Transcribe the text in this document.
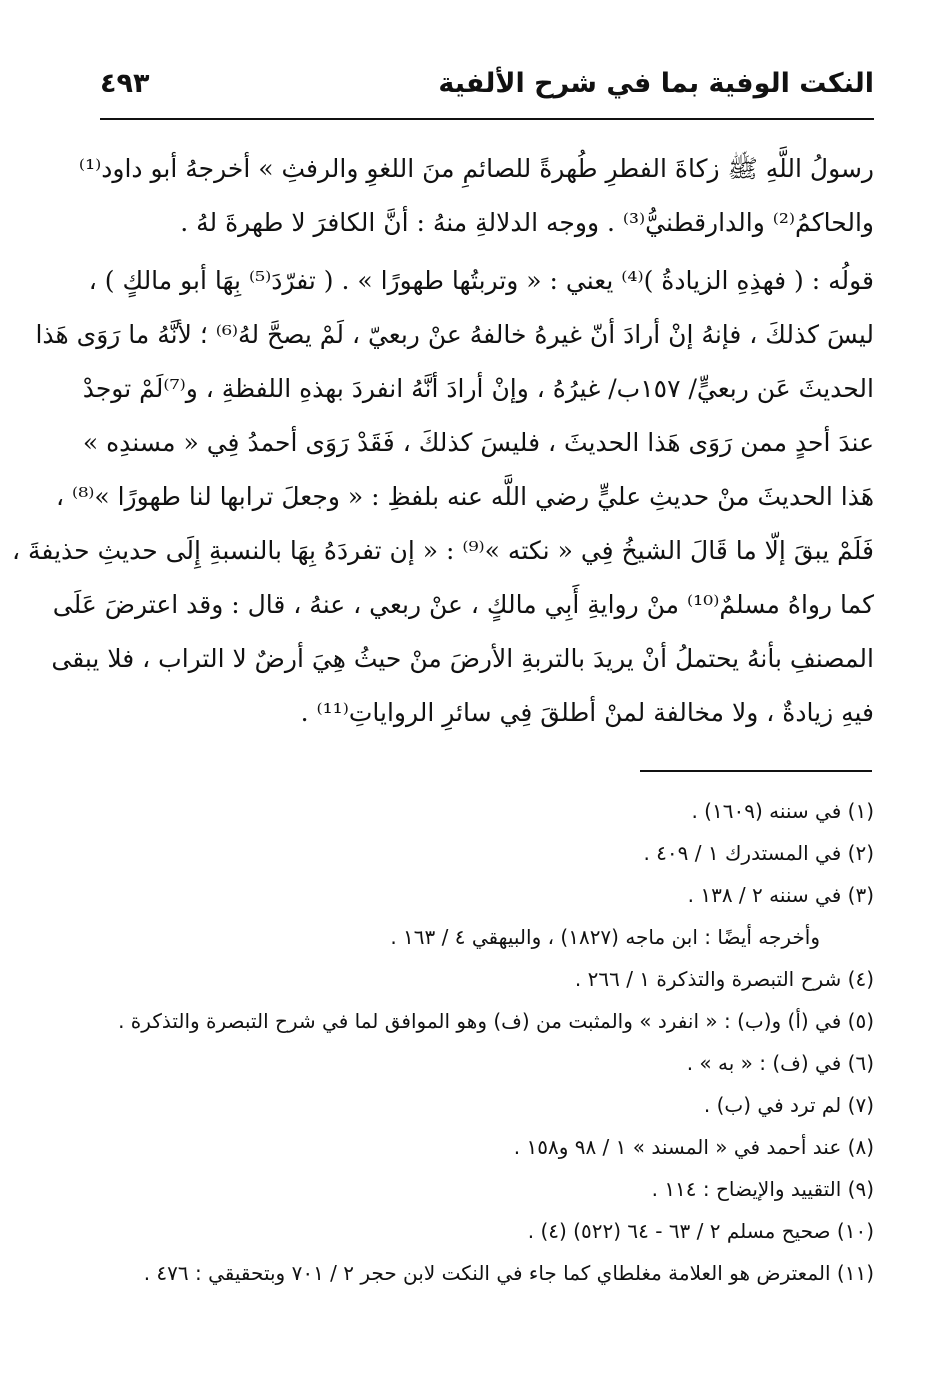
النكت الوفية بما في شرح الألفية
٤٩٣
رسولُ اللَّهِ ﷺ زكاةَ الفطرِ طُهرةً للصائمِ منَ اللغوِ والرفثِ » أخرجهُ أبو داود⁽¹⁾
والحاكمُ⁽²⁾ والدارقطنيُّ⁽³⁾ . ووجه الدلالةِ منهُ : أنَّ الكافرَ لا طهرةَ لهُ .
قولُه : ( فهذِهِ الزيادةُ )⁽⁴⁾ يعني : « وتربتُها طهورًا » . ( تفرّدَ⁽⁵⁾ بِهَا أبو مالكٍ ) ،
ليسَ كذلكَ ، فإنهُ إنْ أرادَ أنّ غيرهُ خالفهُ عنْ ربعيّ ، لَمْ يصحَّ لهُ⁽⁶⁾ ؛ لأنَّهُ ما رَوَى هَذا
الحديثَ عَن ربعيٍّ/ ١٥٧ب/ غيرُهُ ، وإنْ أرادَ أنَّهُ انفردَ بهذهِ اللفظةِ ، و⁽⁷⁾لَمْ توجدْ
عندَ أحدٍ ممن رَوَى هَذا الحديثَ ، فليسَ كذلكَ ، فَقَدْ رَوَى أحمدُ فِي « مسندِه »
هَذا الحديثَ منْ حديثِ عليٍّ رضي اللَّه عنه بلفظِ : « وجعلَ ترابها لنا طهورًا »⁽⁸⁾ ،
فَلَمْ يبقَ إلّا ما قَالَ الشيخُ فِي « نكته »⁽⁹⁾ : « إن تفردَهُ بِهَا بالنسبةِ إِلَى حديثِ حذيفةَ ،
كما رواهُ مسلمٌ⁽¹⁰⁾ منْ روايةِ أَبِي مالكٍ ، عنْ ربعي ، عنهُ ، قال : وقد اعترضَ عَلَى
المصنفِ بأنهُ يحتملُ أنْ يريدَ بالتربةِ الأرضَ منْ حيثُ هِيَ أرضٌ لا التراب ، فلا يبقى
فيهِ زيادةٌ ، ولا مخالفة لمنْ أطلقَ فِي سائرِ الرواياتِ⁽¹¹⁾ .
(١) في سننه (١٦٠٩) .
(٢) في المستدرك ١ / ٤٠٩ .
(٣) في سننه ٢ / ١٣٨ .
وأخرجه أيضًا : ابن ماجه (١٨٢٧) ، والبيهقي ٤ / ١٦٣ .
(٤) شرح التبصرة والتذكرة ١ / ٢٦٦ .
(٥) في (أ) و(ب) : « انفرد » والمثبت من (ف) وهو الموافق لما في شرح التبصرة والتذكرة .
(٦) في (ف) : « به » .
(٧) لم ترد في (ب) .
(٨) عند أحمد في « المسند » ١ / ٩٨ و١٥٨ .
(٩) التقييد والإيضاح : ١١٤ .
(١٠) صحيح مسلم ٢ / ٦٣ - ٦٤ (٥٢٢) (٤) .
(١١) المعترض هو العلامة مغلطاي كما جاء في النكت لابن حجر ٢ / ٧٠١ وبتحقيقي : ٤٧٦ .
